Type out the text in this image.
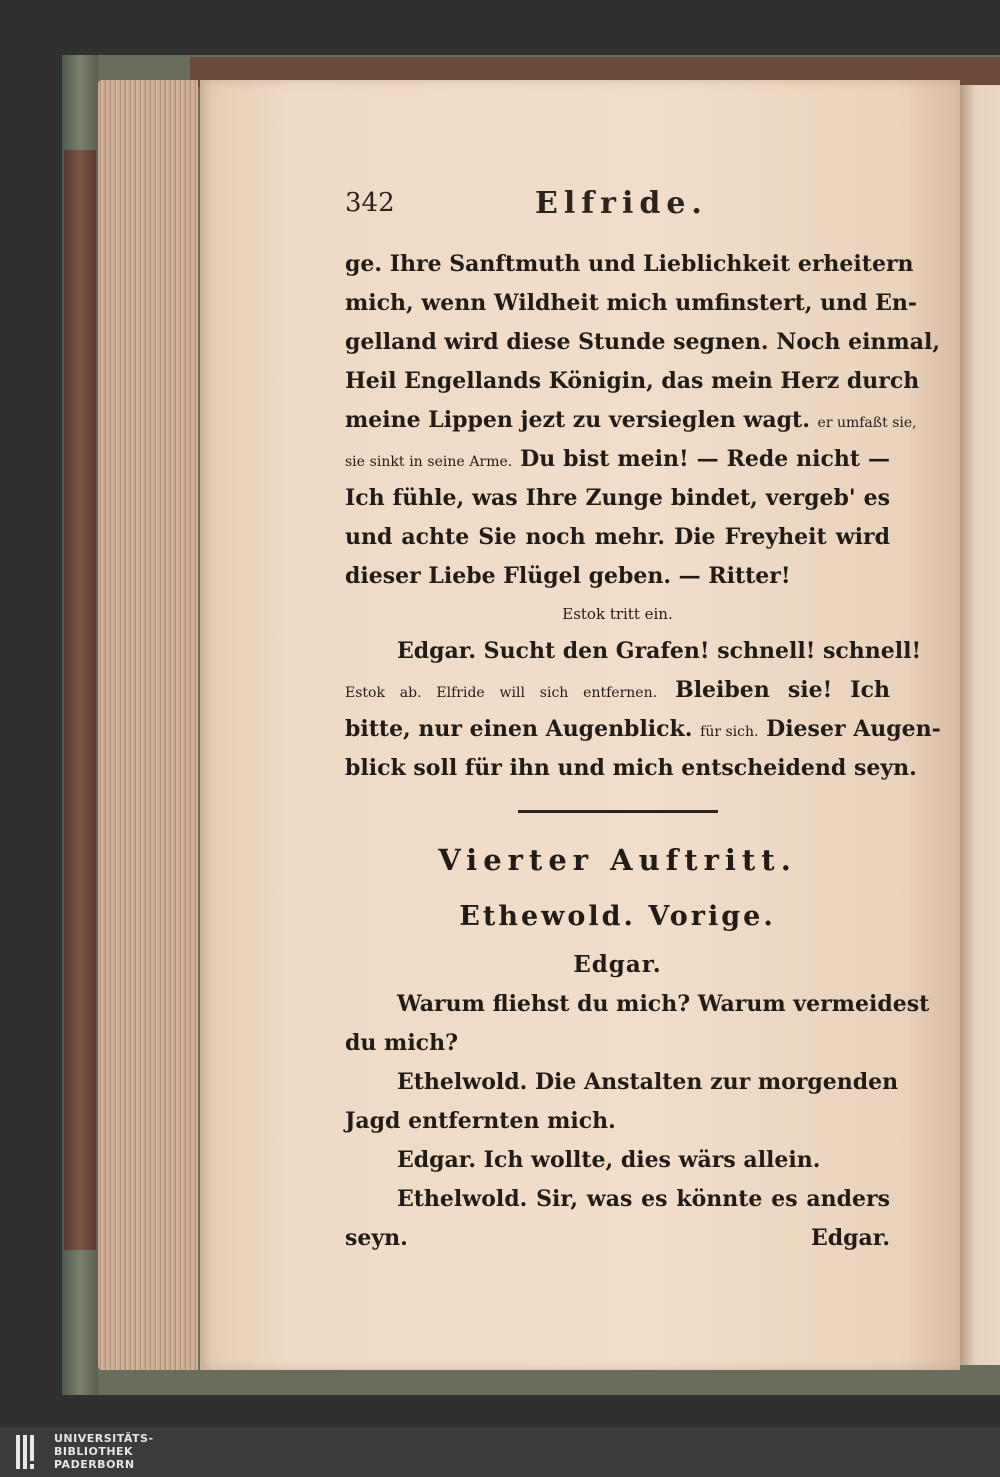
342	Elfride.
ge. Ihre Sanftmuth und Lieblichkeit erheitern
mich, wenn Wildheit mich umfinstert, und En-
gelland wird diese Stunde segnen. Noch einmal,
Heil Engellands Königin, das mein Herz durch
meine Lippen jezt zu versieglen wagt. er umfaßt sie,
sie sinkt in seine Arme. Du bist mein! — Rede nicht —
Ich fühle, was Ihre Zunge bindet, vergeb' es
und achte Sie noch mehr. Die Freyheit wird
dieser Liebe Flügel geben. — Ritter!
Estok tritt ein.
Edgar. Sucht den Grafen! schnell! schnell!
Estok ab. Elfride will sich entfernen. Bleiben sie! Ich
bitte, nur einen Augenblick. für sich. Dieser Augen-
blick soll für ihn und mich entscheidend seyn.
Vierter Auftritt.
Ethewold. Vorige.
Edgar.
Warum fliehst du mich? Warum vermeidest
du mich?
Ethelwold. Die Anstalten zur morgenden
Jagd entfernten mich.
Edgar. Ich wollte, dies wärs allein.
Ethelwold. Sir, was es könnte es anders
seyn.	Edgar.
UNIVERSITÄTS-
BIBLIOTHEK
PADERBORN
